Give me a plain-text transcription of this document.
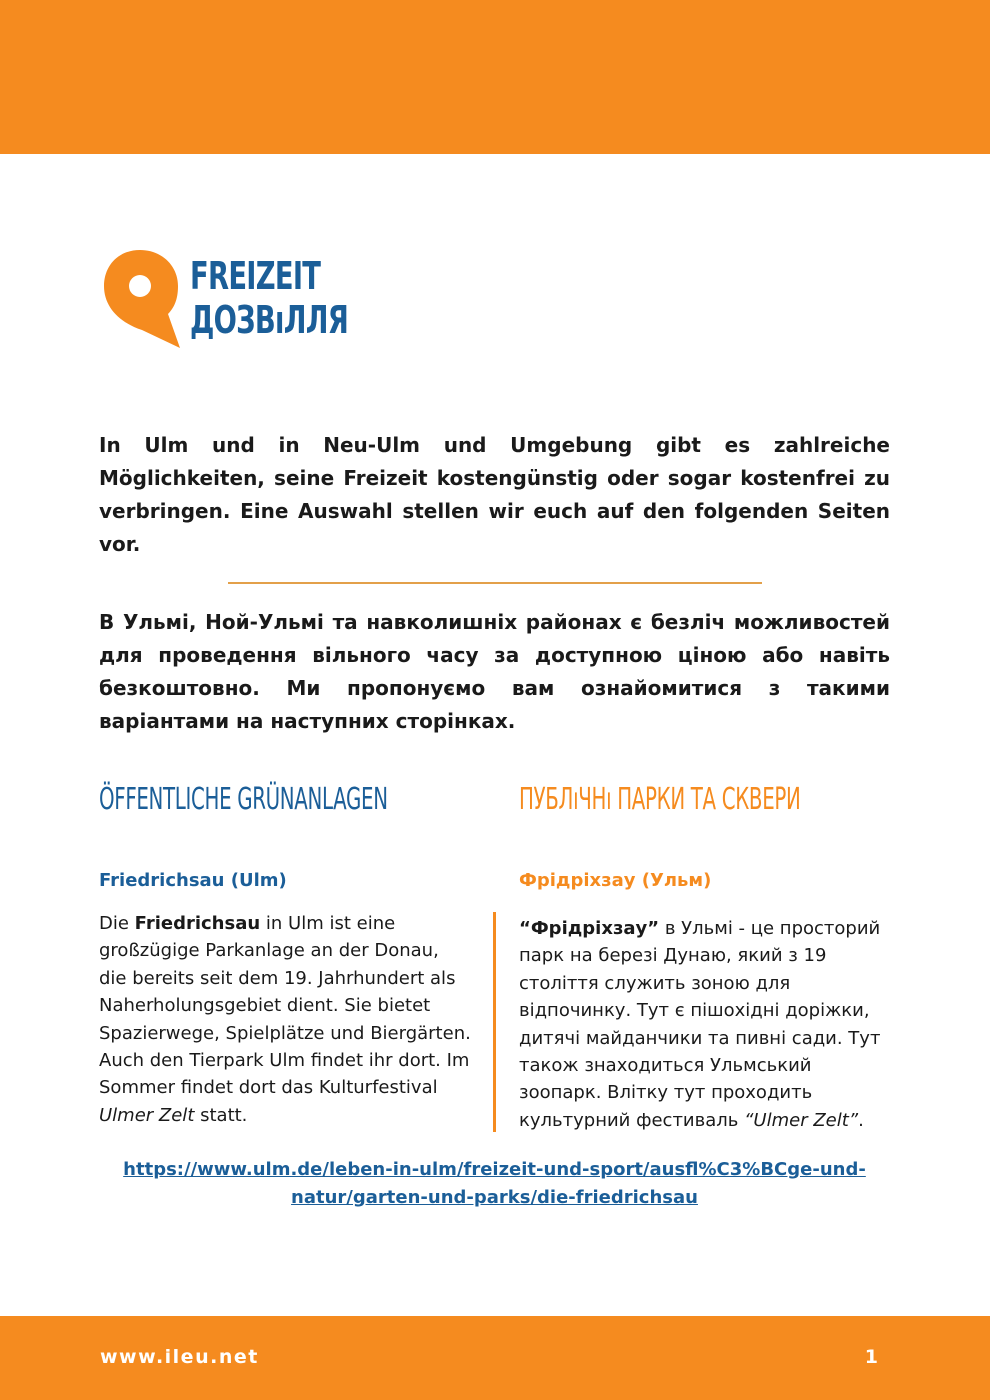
FREIZEIT
ДОЗВıЛЛЯ

In Ulm und in Neu-Ulm und Umgebung gibt es zahlreiche Möglichkeiten, seine Freizeit kostengünstig oder sogar kostenfrei zu verbringen. Eine Auswahl stellen wir euch auf den folgenden Seiten vor.

В Ульмі, Ной-Ульмі та навколишніх районах є безліч можливостей для проведення вільного часу за доступною ціною або навіть безкоштовно. Ми пропонуємо вам ознайомитися з такими варіантами на наступних сторінках.

ÖFFENTLICHE GRÜNANLAGEN	ПУБЛıЧНı ПАРКИ ТА СКВЕРИ
Friedrichsau (Ulm)	Фрідріхзау (Ульм)

Die Friedrichsau in Ulm ist eine großzügige Parkanlage an der Donau, die bereits seit dem 19. Jahrhundert als Naherholungsgebiet dient. Sie bietet Spazierwege, Spielplätze und Biergärten. Auch den Tierpark Ulm findet ihr dort. Im Sommer findet dort das Kulturfestival Ulmer Zelt statt.

“Фрідріхзау” в Ульмі - це просторий парк на березі Дунаю, який з 19 століття служить зоною для відпочинку. Тут є пішохідні доріжки, дитячі майданчики та пивні сади. Тут також знаходиться Ульмський зоопарк. Влітку тут проходить культурний фестиваль “Ulmer Zelt”.

https://www.ulm.de/leben-in-ulm/freizeit-und-sport/ausfl%C3%BCge-und-
natur/garten-und-parks/die-friedrichsau
www.ileu.net	1
